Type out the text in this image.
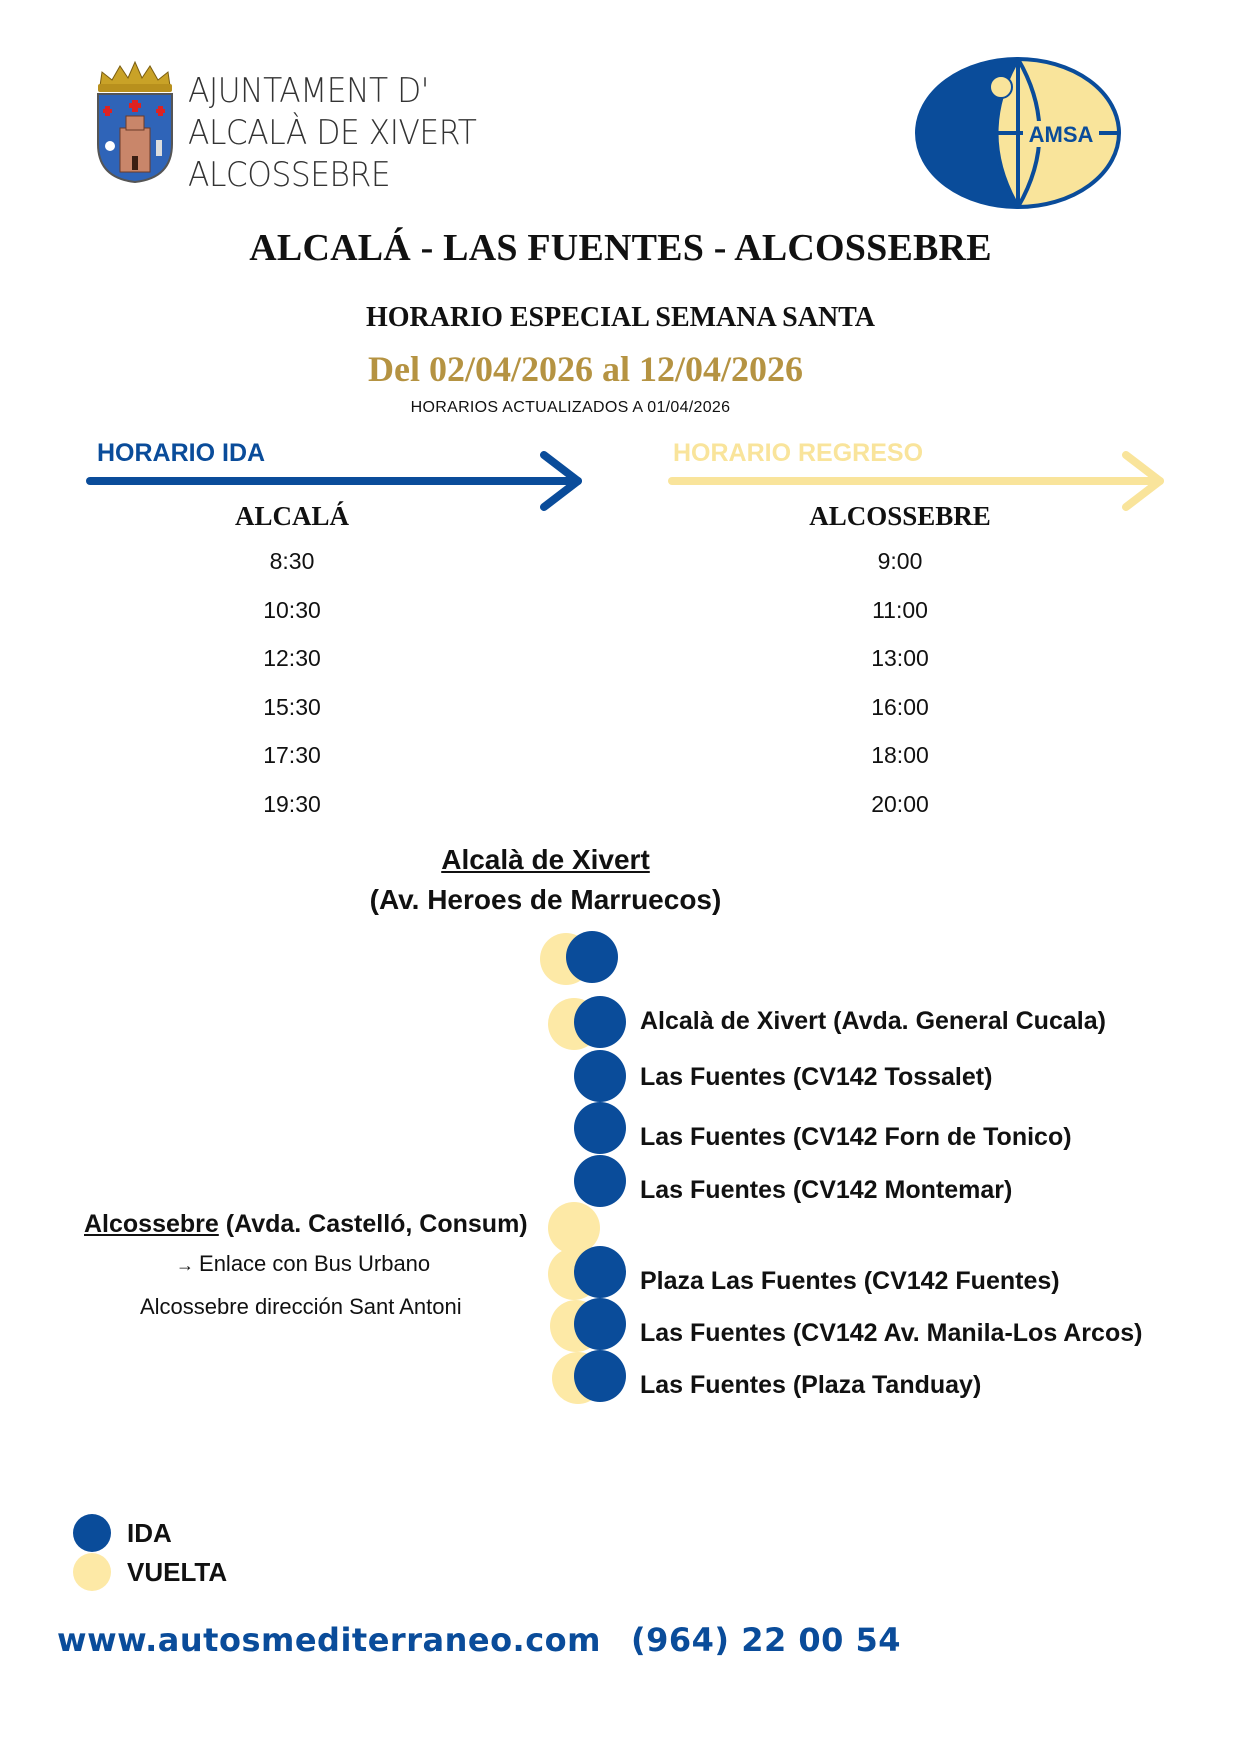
AJUNTAMENT D'
ALCALÀ DE XIVERT
ALCOSSEBRE
AMSA
ALCALÁ - LAS FUENTES - ALCOSSEBRE
HORARIO ESPECIAL SEMANA SANTA
Del 02/04/2026 al 12/04/2026
HORARIOS ACTUALIZADOS A 01/04/2026
HORARIO IDA	HORARIO REGRESO
ALCALÁ	ALCOSSEBRE
8:30
10:30
12:30
15:30
17:30
19:30
9:00
11:00
13:00
16:00
18:00
20:00
Alcalà de Xivert
(Av. Heroes de Marruecos)
Alcalà de Xivert (Avda. General Cucala)
Las Fuentes (CV142 Tossalet)
Las Fuentes (CV142 Forn de Tonico)
Las Fuentes (CV142 Montemar)
Plaza Las Fuentes (CV142 Fuentes)
Las Fuentes (CV142 Av. Manila-Los Arcos)
Las Fuentes (Plaza Tanduay)
Alcossebre (Avda. Castelló, Consum)
→ Enlace con Bus Urbano
Alcossebre dirección Sant Antoni
IDA
VUELTA
www.autosmediterraneo.com (964) 22 00 54
